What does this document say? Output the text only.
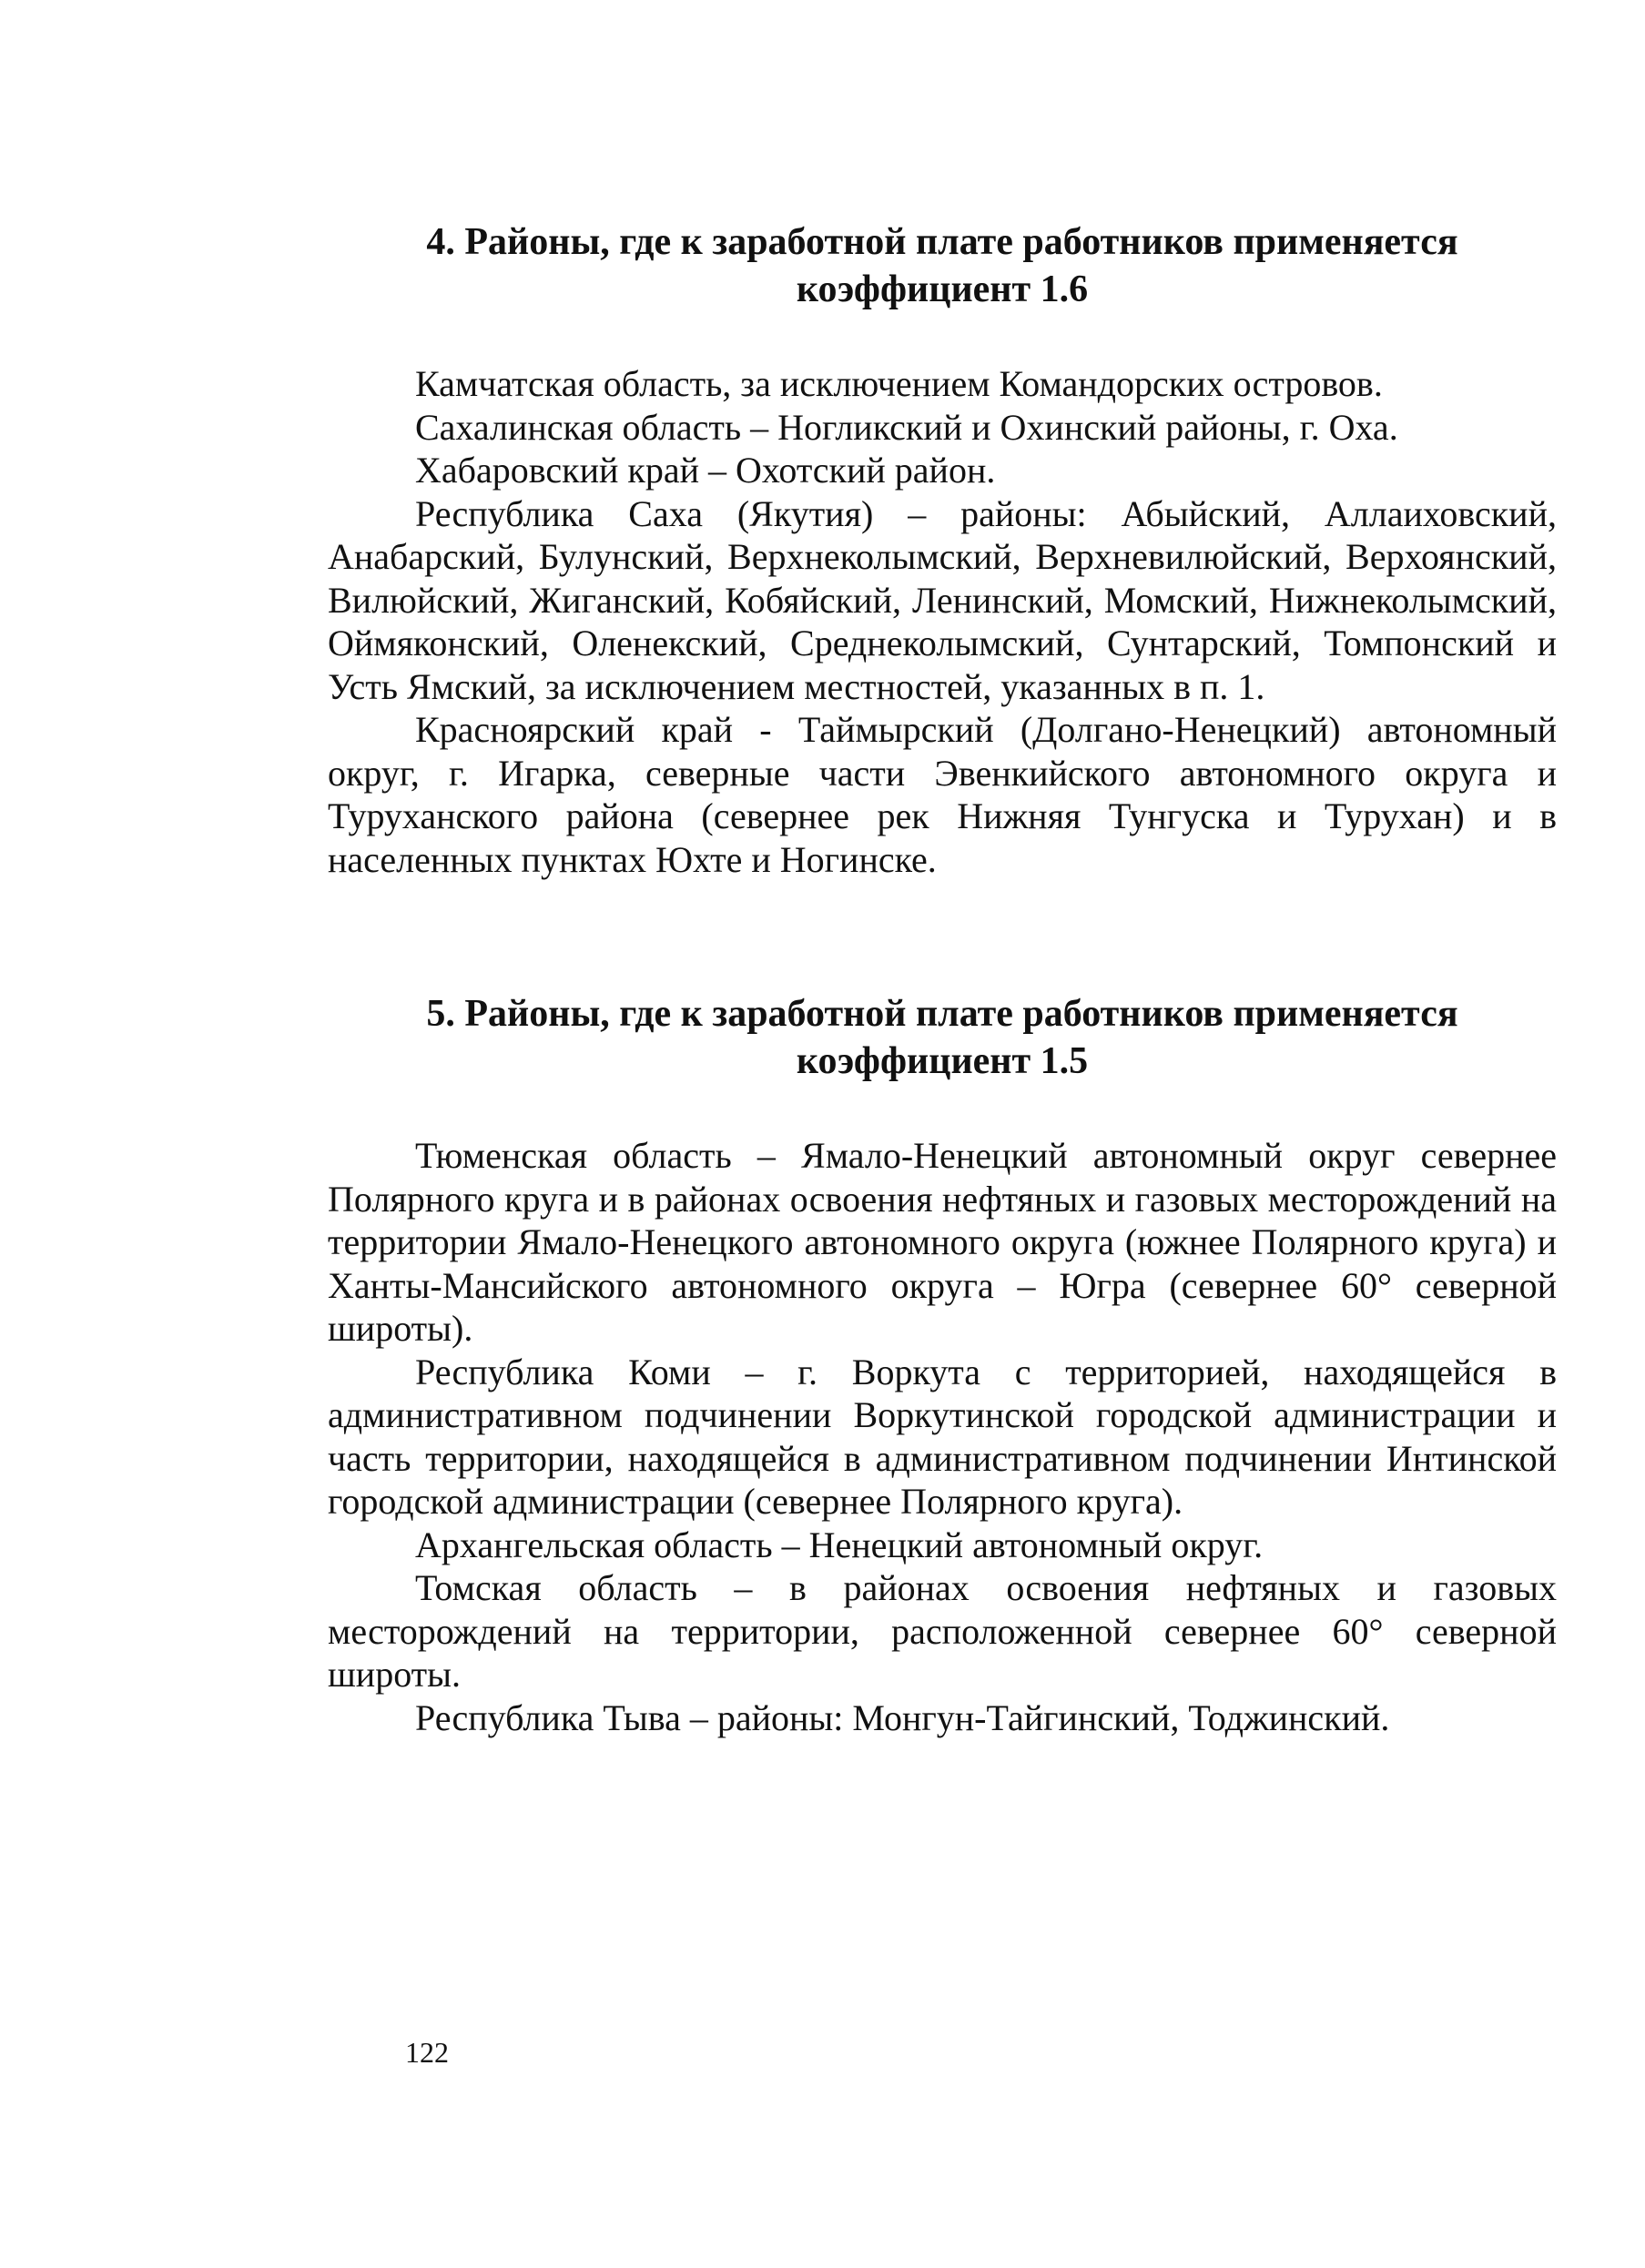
4. Районы, где к заработной плате работников применяется
коэффициент 1.6

Камчатская область, за исключением Командорских островов.

Сахалинская область – Ногликский и Охинский районы, г. Оха.

Хабаровский край – Охотский район.

Республика Саха (Якутия) – районы: Абыйский, Аллаиховский, Анабарский, Булунский, Верхнеколымский, Верхневилюйский, Верхоянский, Вилюйский, Жиганский, Кобяйский, Ленинский, Момский, Нижнеколымский, Оймяконский, Оленекский, Среднеколымский, Сунтарский, Томпонский и Усть Ямский, за исключением местностей, указанных в п. 1.

Красноярский край - Таймырский (Долгано-Ненецкий) автономный округ, г. Игарка, северные части Эвенкийского автономного округа и Туруханского района (севернее рек Нижняя Тунгуска и Турухан) и в населенных пунктах Юхте и Ногинске.

5. Районы, где к заработной плате работников применяется
коэффициент 1.5

Тюменская область – Ямало-Ненецкий автономный округ севернее Полярного круга и в районах освоения нефтяных и газовых месторождений на территории Ямало-Ненецкого автономного округа (южнее Полярного круга) и Ханты-Мансийского автономного округа – Югра (севернее 60° северной широты).

Республика Коми – г. Воркута с территорией, находящейся в административном подчинении Воркутинской городской администрации и часть территории, находящейся в административном подчинении Интинской городской администрации (севернее Полярного круга).

Архангельская область – Ненецкий автономный округ.

Томская область – в районах освоения нефтяных и газовых месторождений на территории, расположенной севернее 60° северной широты.

Республика Тыва – районы: Монгун-Тайгинский, Тоджинский.

122
